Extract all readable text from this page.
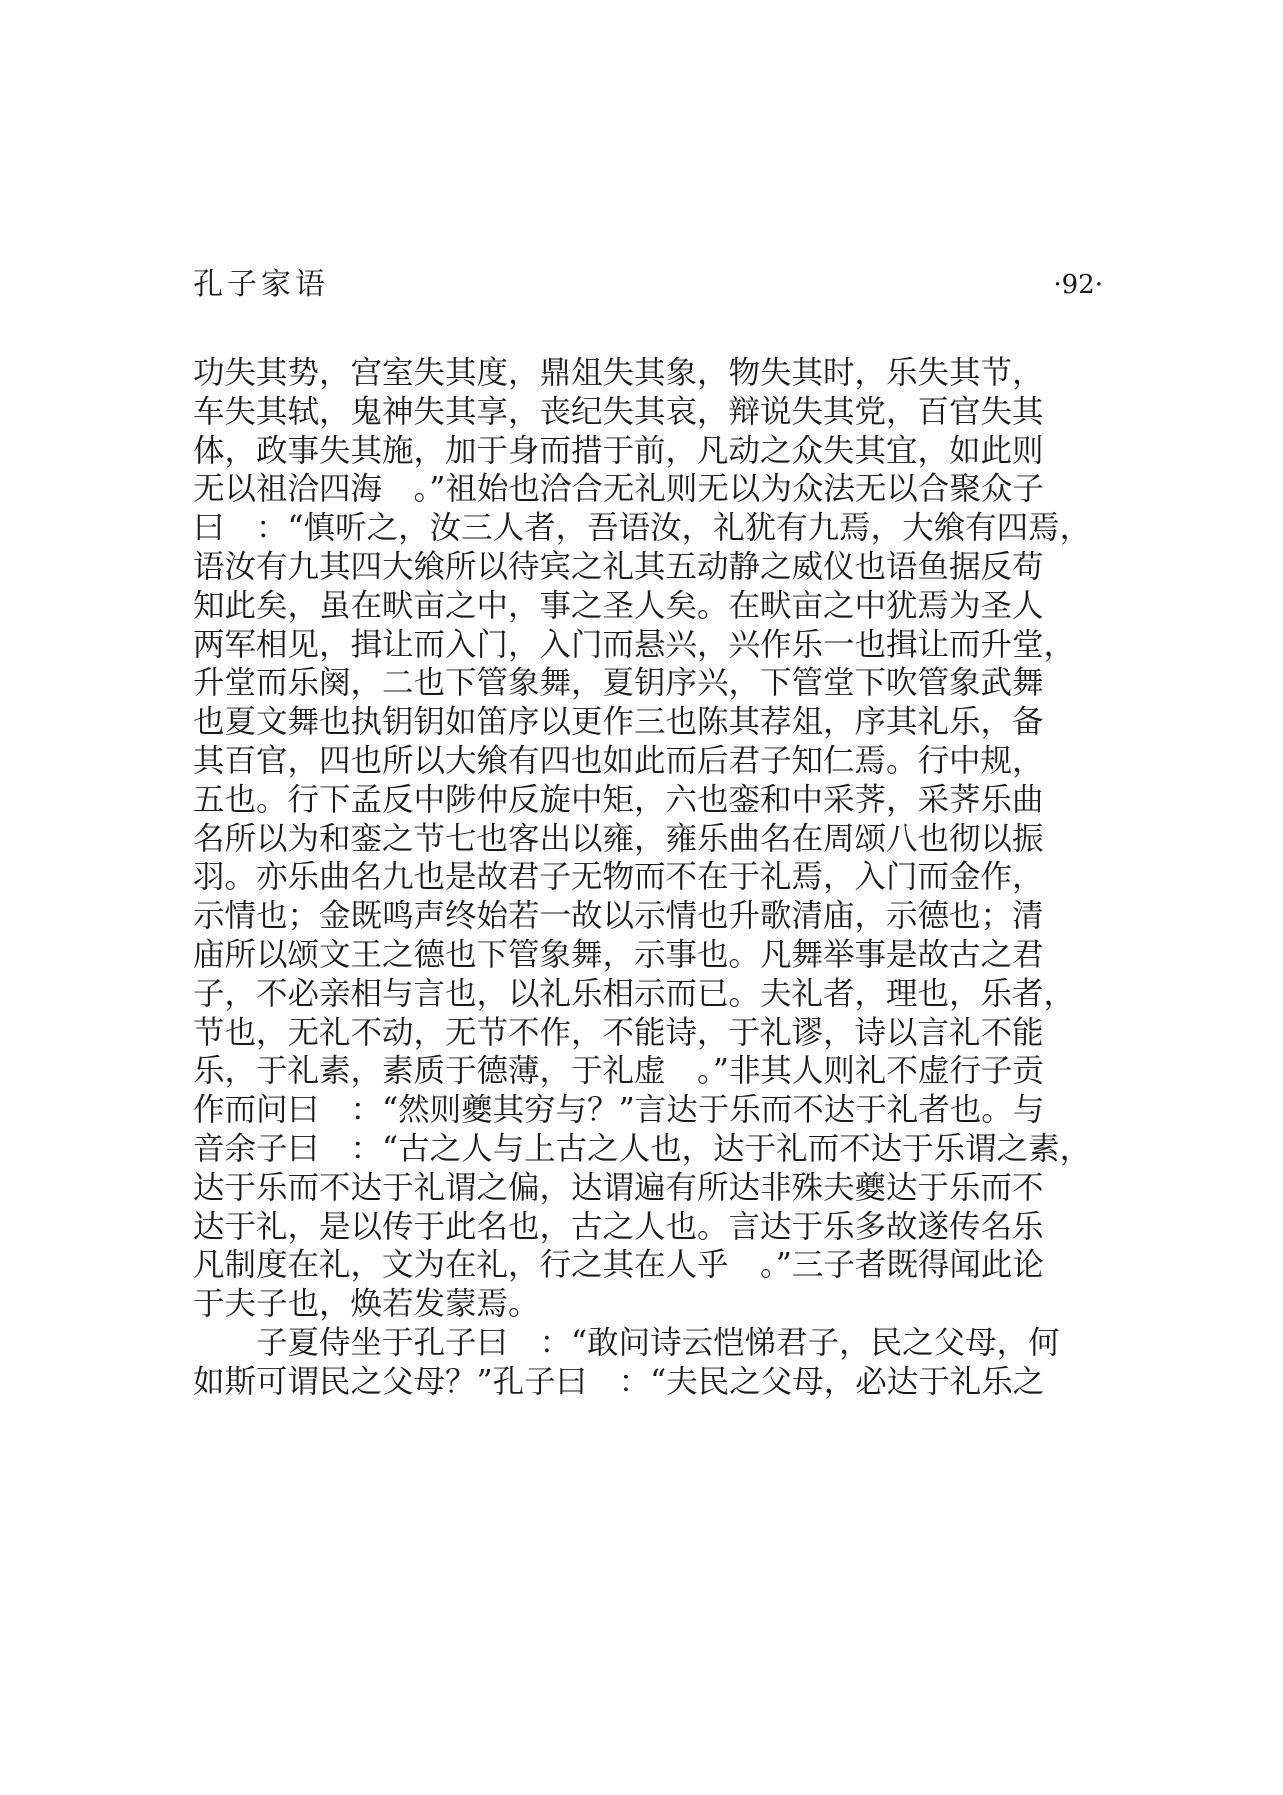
孔子家语	·92·
功失其势，宫室失其度，鼎俎失其象，物失其时，乐失其节，
车失其轼，鬼神失其享，丧纪失其哀，辩说失其党，百官失其
体，政事失其施，加于身而措于前，凡动之众失其宜，如此则
无以祖洽四海　。”祖始也洽合无礼则无以为众法无以合聚众子
曰　：“慎听之，汝三人者，吾语汝，礼犹有九焉，大飨有四焉，
语汝有九其四大飨所以待宾之礼其五动静之威仪也语鱼据反苟
知此矣，虽在畎亩之中，事之圣人矣。在畎亩之中犹焉为圣人
两军相见，揖让而入门，入门而悬兴，兴作乐一也揖让而升堂，
升堂而乐阕，二也下管象舞，夏钥序兴，下管堂下吹管象武舞
也夏文舞也执钥钥如笛序以更作三也陈其荐俎，序其礼乐，备
其百官，四也所以大飨有四也如此而后君子知仁焉。行中规，
五也。行下孟反中陟仲反旋中矩，六也銮和中采荠，采荠乐曲
名所以为和銮之节七也客出以雍，雍乐曲名在周颂八也彻以振
羽。亦乐曲名九也是故君子无物而不在于礼焉，入门而金作，
示情也；金既鸣声终始若一故以示情也升歌清庙，示德也；清
庙所以颂文王之德也下管象舞，示事也。凡舞举事是故古之君
子，不必亲相与言也，以礼乐相示而已。夫礼者，理也，乐者，
节也，无礼不动，无节不作，不能诗，于礼谬，诗以言礼不能
乐，于礼素，素质于德薄，于礼虚　。”非其人则礼不虚行子贡
作而问曰　：“然则夔其穷与？”言达于乐而不达于礼者也。与
音余子曰　：“古之人与上古之人也，达于礼而不达于乐谓之素，
达于乐而不达于礼谓之偏，达谓遍有所达非殊夫夔达于乐而不
达于礼，是以传于此名也，古之人也。言达于乐多故遂传名乐
凡制度在礼，文为在礼，行之其在人乎　。”三子者既得闻此论
于夫子也，焕若发蒙焉。
子夏侍坐于孔子曰　：“敢问诗云恺悌君子，民之父母，何
如斯可谓民之父母？”孔子曰　：“夫民之父母，必达于礼乐之
